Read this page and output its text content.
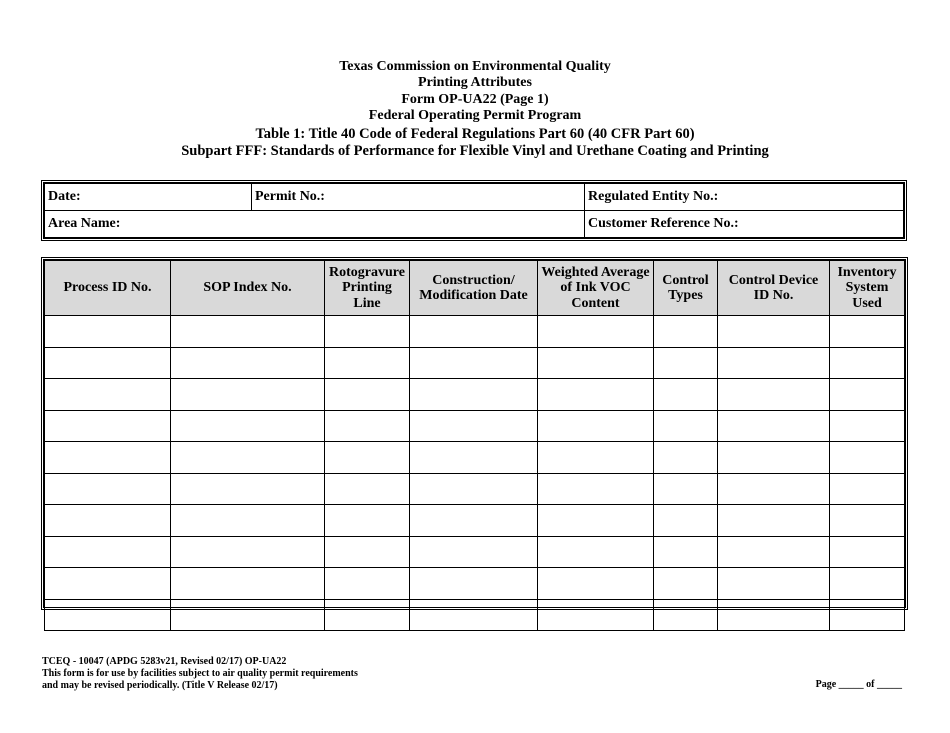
Texas Commission on Environmental Quality
Printing Attributes
Form OP-UA22 (Page 1)
Federal Operating Permit Program
Table 1: Title 40 Code of Federal Regulations Part 60 (40 CFR Part 60)
Subpart FFF: Standards of Performance for Flexible Vinyl and Urethane Coating and Printing
Date:	Permit No.:	Regulated Entity No.:
Area Name:		Customer Reference No.:
Process ID No.	SOP Index No.	Rotogravure Printing Line	Construction/ Modification Date	Weighted Average of Ink VOC Content	Control Types	Control Device ID No.	Inventory System Used

TCEQ - 10047 (APDG 5283v21, Revised 02/17) OP-UA22
This form is for use by facilities subject to air quality permit requirements
and may be revised periodically. (Title V Release 02/17)	Page _____ of _____
